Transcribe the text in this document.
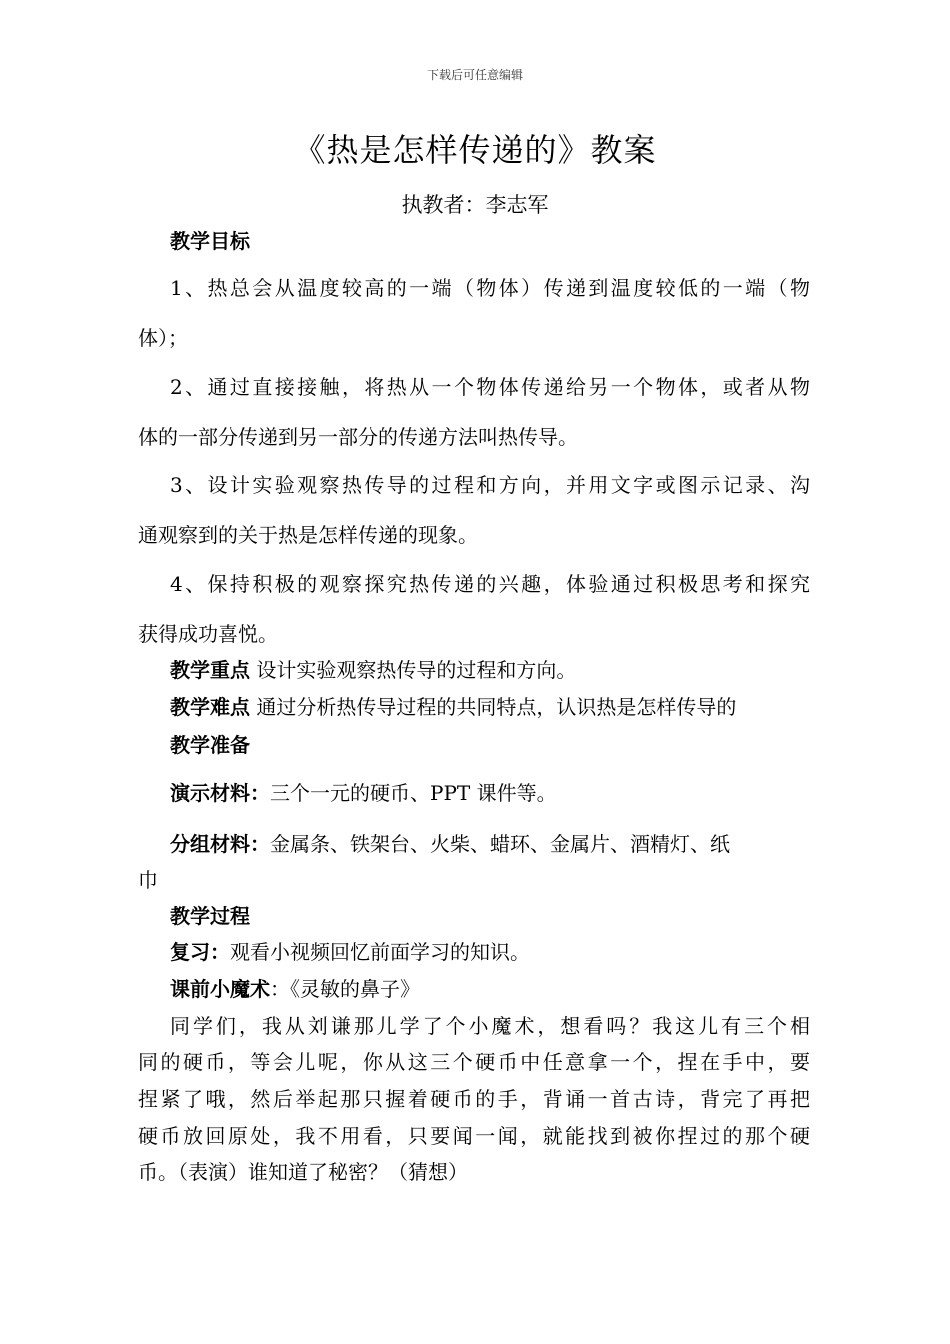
下载后可任意编辑
《热是怎样传递的》教案
执教者：李志军
教学目标
1、热总会从温度较高的一端（物体）传递到温度较低的一端（物
体）；
2、通过直接接触，将热从一个物体传递给另一个物体，或者从物
体的一部分传递到另一部分的传递方法叫热传导。
3、设计实验观察热传导的过程和方向，并用文字或图示记录、沟
通观察到的关于热是怎样传递的现象。
4、保持积极的观察探究热传递的兴趣，体验通过积极思考和探究
获得成功喜悦。
教学重点 设计实验观察热传导的过程和方向。
教学难点 通过分析热传导过程的共同特点，认识热是怎样传导的
教学准备
演示材料：三个一元的硬币、PPT 课件等。
分组材料：金属条、铁架台、火柴、蜡环、金属片、酒精灯、纸
巾
教学过程
复习：观看小视频回忆前面学习的知识。
课前小魔术：《灵敏的鼻子》
同学们，我从刘谦那儿学了个小魔术，想看吗？我这儿有三个相
同的硬币，等会儿呢，你从这三个硬币中任意拿一个，捏在手中，要
捏紧了哦，然后举起那只握着硬币的手，背诵一首古诗，背完了再把
硬币放回原处，我不用看，只要闻一闻，就能找到被你捏过的那个硬
币。（表演）谁知道了秘密？（猜想）
